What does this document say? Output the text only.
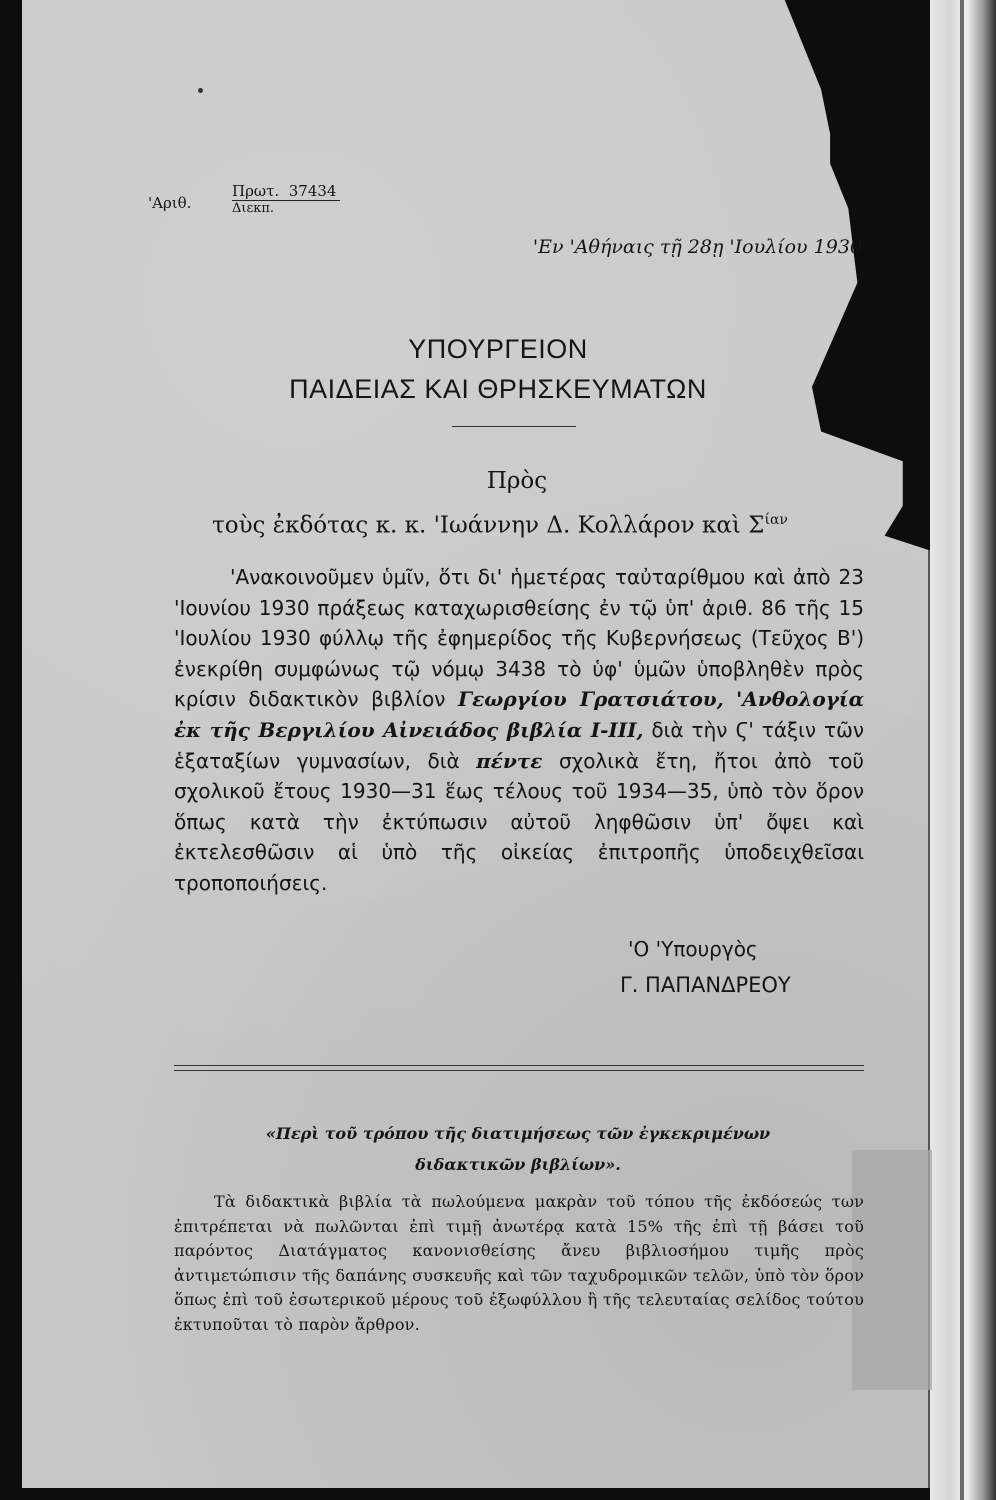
'Αριθ.
Πρωτ. 37434
Διεκπ.
'Εν 'Αθήναις τῇ 28ῃ 'Ιουλίου 1930
ΥΠΟΥΡΓΕΙΟΝ
ΠΑΙΔΕΙΑΣ ΚΑΙ ΘΡΗΣΚΕΥΜΑΤΩΝ
Πρὸς
τοὺς ἐκδότας κ. κ. 'Ιωάννην Δ. Κολλάρον καὶ $\Sigma^{ί\alpha\nu}$

'Ανακοινοῦμεν ὑμῖν, ὅτι δι' ἡμετέρας ταὐταρίθμου καὶ ἀπὸ 23 'Ιουνίου 1930 πράξεως καταχωρισθείσης ἐν τῷ ὑπ' ἀριθ. 86 τῆς 15 'Ιουλίου 1930 φύλλῳ τῆς ἐφημερίδος τῆς Κυβερνήσεως (Τεῦχος Β') ἐνεκρίθη συμφώνως τῷ νόμῳ 3438 τὸ ὑφ' ὑμῶν ὑποβληθὲν πρὸς κρίσιν διδακτικὸν βιβλίον Γεωργίου Γρατσιάτου, 'Ανθολογία ἐκ τῆς Βεργιλίου Αἰνειάδος βιβλία Ι-ΙΙΙ, διὰ τὴν Ϛ' τάξιν τῶν ἑξαταξίων γυμνασίων, διὰ πέντε σχολικὰ ἔτη, ἤτοι ἀπὸ τοῦ σχολικοῦ ἔτους 1930—31 ἕως τέλους τοῦ 1934—35, ὑπὸ τὸν ὅρον ὅπως κατὰ τὴν ἐκτύπωσιν αὐτοῦ ληφθῶσιν ὑπ' ὄψει καὶ ἐκτελεσθῶσιν αἱ ὑπὸ τῆς οἰκείας ἐπιτροπῆς ὑποδειχθεῖσαι τροποποιήσεις.

'Ο 'Υπουργὸς
Γ. ΠΑΠΑΝΔΡΕΟΥ
«Περὶ τοῦ τρόπου τῆς διατιμήσεως τῶν ἐγκεκριμένων
διδακτικῶν βιβλίων».

Τὰ διδακτικὰ βιβλία τὰ πωλούμενα μακρὰν τοῦ τόπου τῆς ἐκδόσεώς των ἐπιτρέπεται νὰ πωλῶνται ἐπὶ τιμῇ ἀνωτέρᾳ κατὰ 15% τῆς ἐπὶ τῇ βάσει τοῦ παρόντος Διατάγματος κανονισθείσης ἄνευ βιβλιοσήμου τιμῆς πρὸς ἀντιμετώπισιν τῆς δαπάνης συσκευῆς καὶ τῶν ταχυδρομικῶν τελῶν, ὑπὸ τὸν ὅρον ὅπως ἐπὶ τοῦ ἐσωτερικοῦ μέρους τοῦ ἐξωφύλλου ἢ τῆς τελευταίας σελίδος τούτου ἐκτυποῦται τὸ παρὸν ἄρθρον.
